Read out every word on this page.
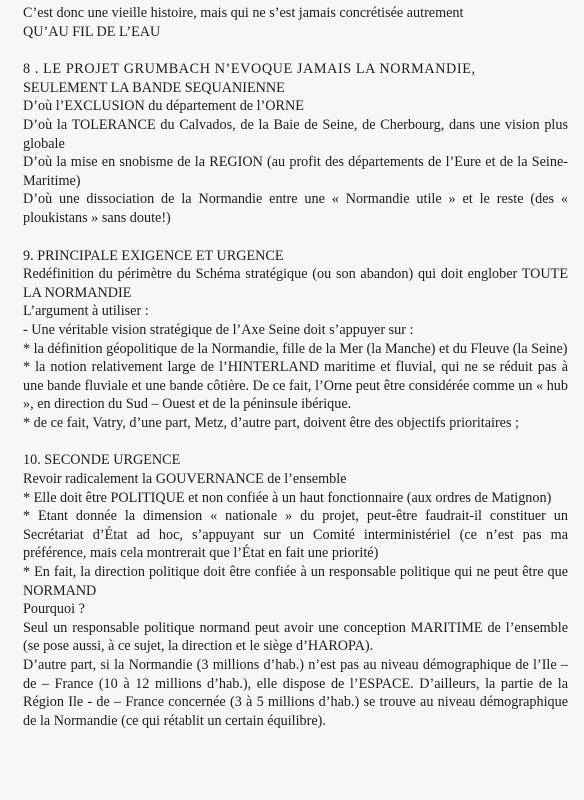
C’est donc une vieille histoire, mais qui ne s’est jamais concrétisée autrement

QU’AU FIL DE L’EAU

8 . LE PROJET GRUMBACH N’EVOQUE JAMAIS LA NORMANDIE,

SEULEMENT LA BANDE SEQUANIENNE

D’où l’EXCLUSION du département de l’ORNE

D’où la TOLERANCE du Calvados, de la Baie de Seine, de Cherbourg, dans une vision plus globale

D’où la mise en snobisme de la REGION (au profit des départements de l’Eure et de la Seine-Maritime)

D’où une dissociation de la Normandie entre une « Normandie utile » et le reste (des « ploukistans » sans doute!)

9. PRINCIPALE EXIGENCE ET URGENCE

Redéfinition du périmètre du Schéma stratégique (ou son abandon) qui doit englober TOUTE LA NORMANDIE

L’argument à utiliser :

- Une véritable vision stratégique de l’Axe Seine doit s’appuyer sur :

* la définition géopolitique de la Normandie, fille de la Mer (la Manche) et du Fleuve (la Seine)

* la notion relativement large de l’HINTERLAND maritime et fluvial, qui ne se réduit pas à une bande fluviale et une bande côtière. De ce fait, l’Orne peut être considérée comme un « hub », en direction du Sud – Ouest et de la péninsule ibérique.

* de ce fait, Vatry, d’une part, Metz, d’autre part, doivent être des objectifs prioritaires ;

10. SECONDE URGENCE

Revoir radicalement la GOUVERNANCE de l’ensemble

* Elle doit être POLITIQUE et non confiée à un haut fonctionnaire (aux ordres de Matignon)

* Etant donnée la dimension « nationale » du projet, peut-être faudrait-il constituer un Secrétariat d’État ad hoc, s’appuyant sur un Comité interministériel (ce n’est pas ma préférence, mais cela montrerait que l’État en fait une priorité)

* En fait, la direction politique doit être confiée à un responsable politique qui ne peut être que NORMAND

Pourquoi ?

Seul un responsable politique normand peut avoir une conception MARITIME de l’ensemble (se pose aussi, à ce sujet, la direction et le siège d’HAROPA).

D’autre part, si la Normandie (3 millions d’hab.) n’est pas au niveau démographique de l’Ile – de – France (10 à 12 millions d’hab.), elle dispose de l’ESPACE. D’ailleurs, la partie de la Région Ile - de – France concernée (3 à 5 millions d’hab.) se trouve au niveau démographique de la Normandie (ce qui rétablit un certain équilibre).
